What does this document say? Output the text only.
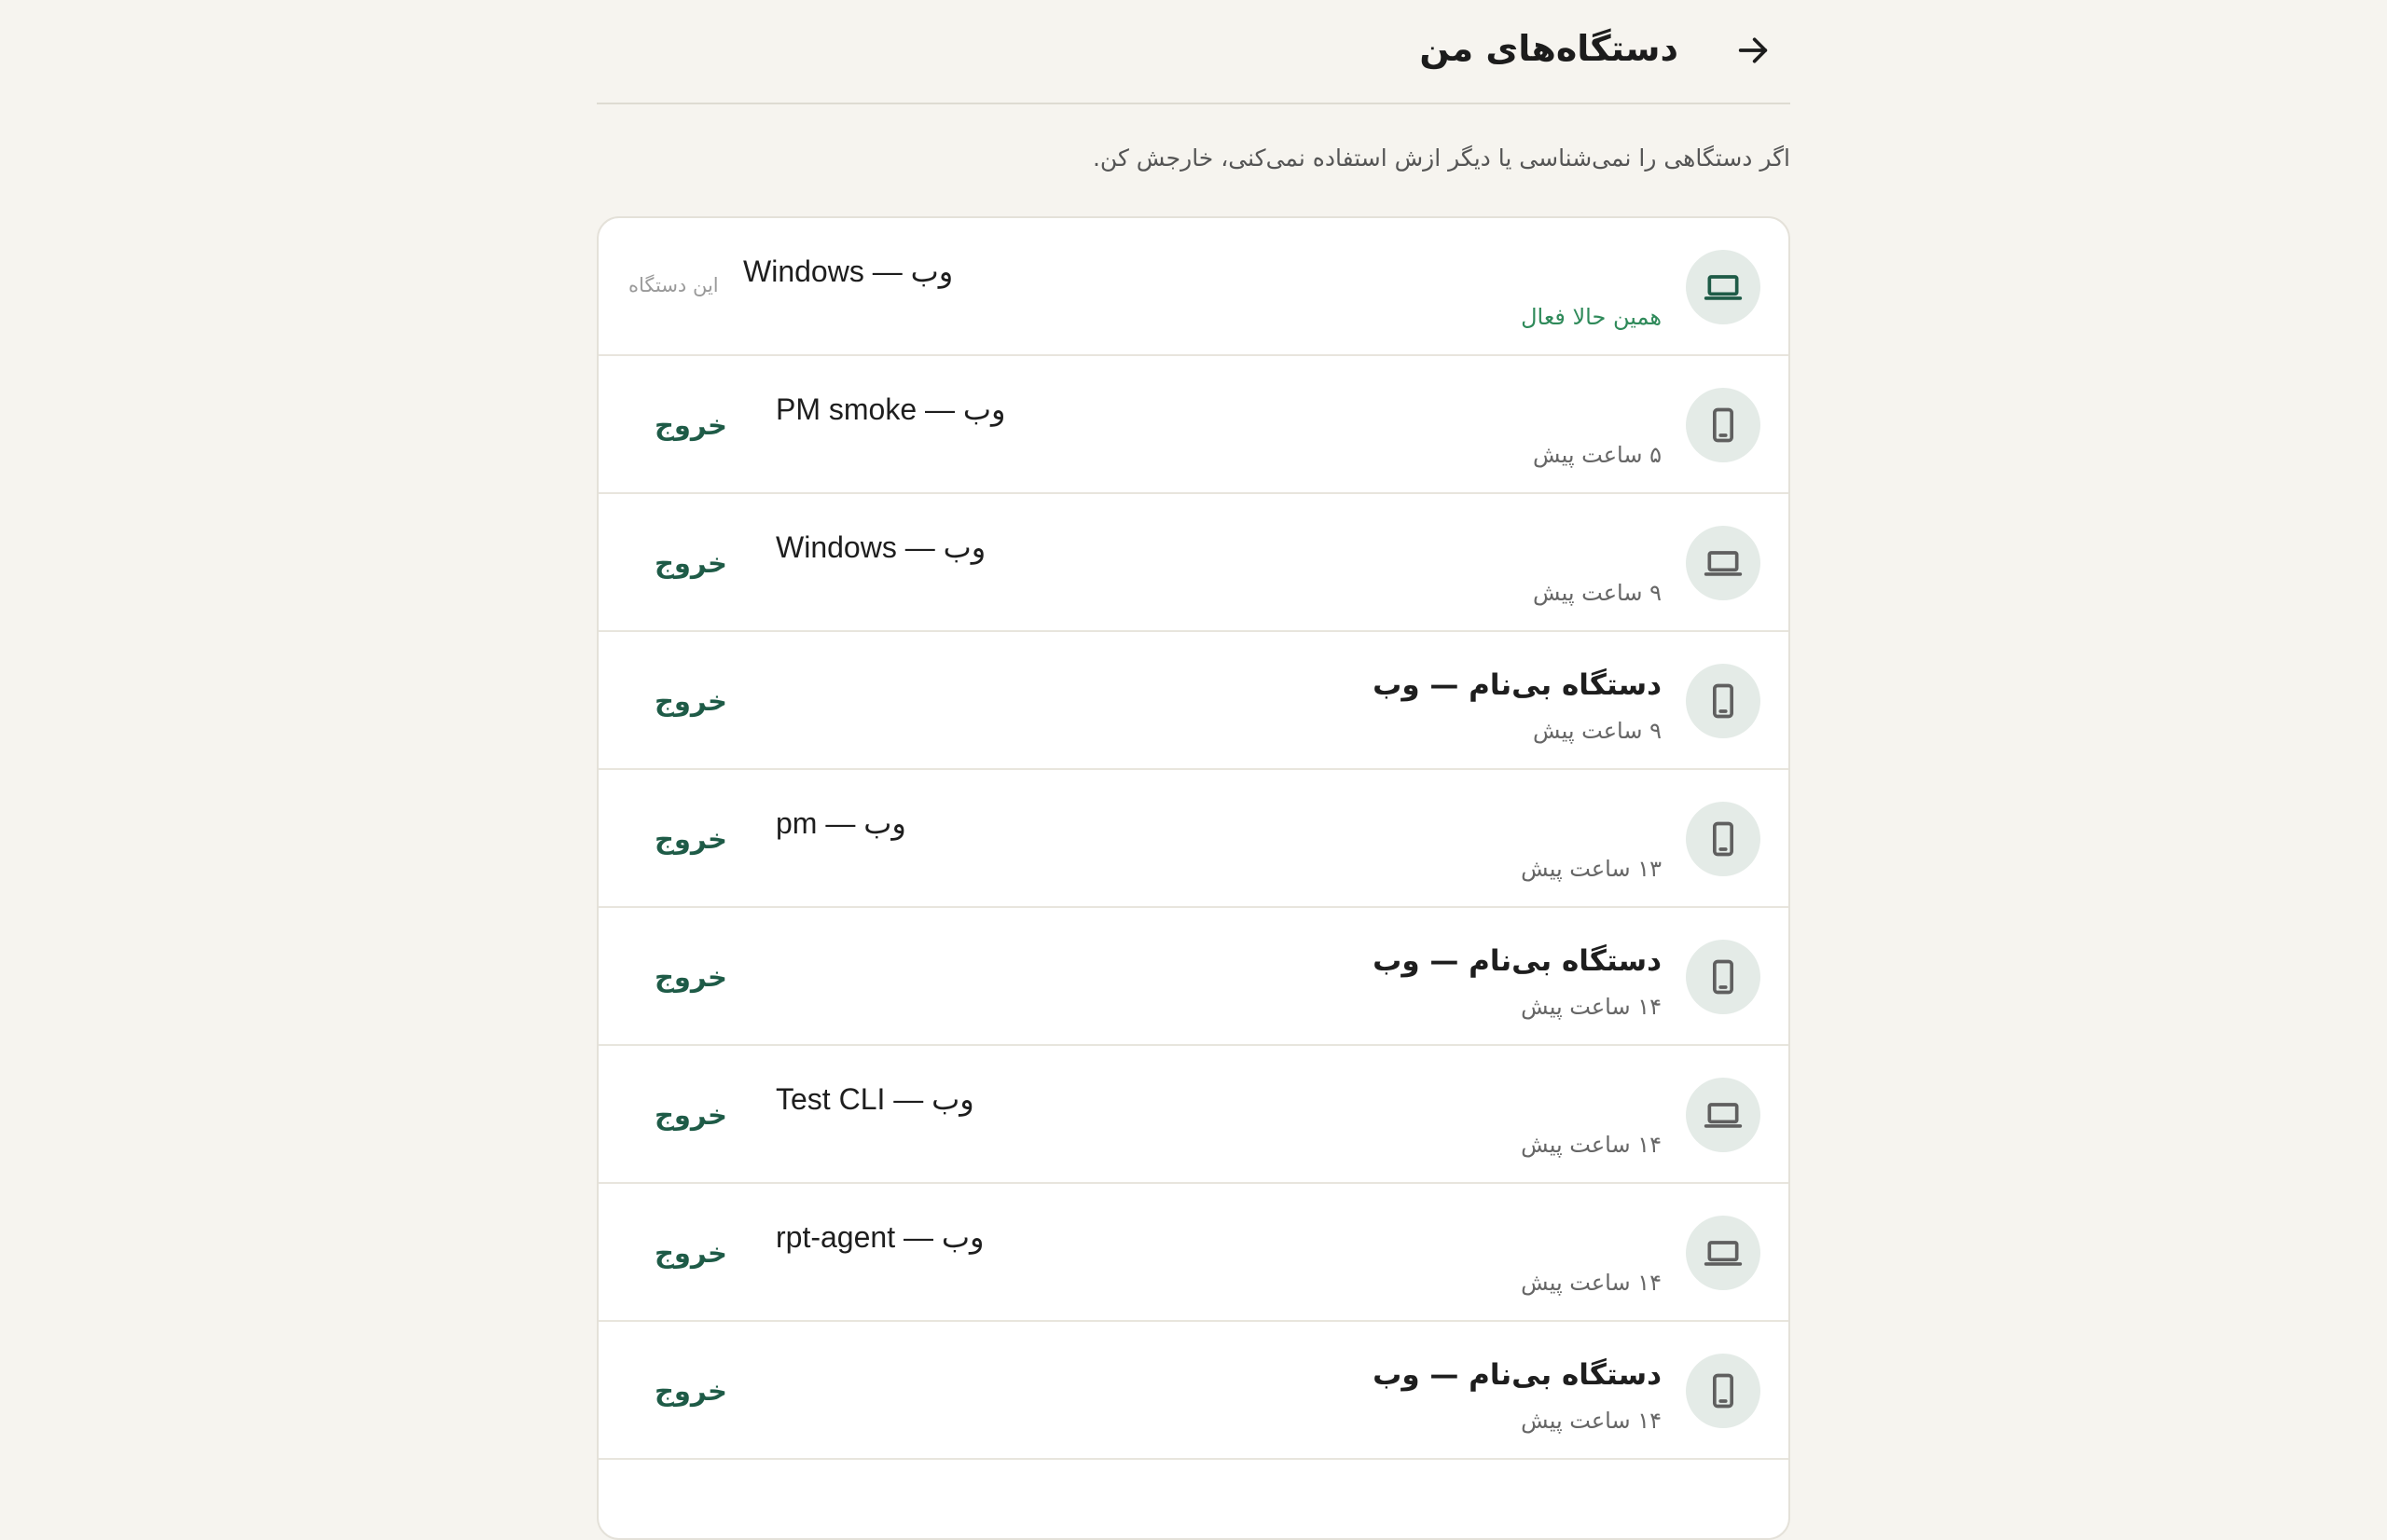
دستگاه‌های من
اگر دستگاهی را نمی‌شناسی یا دیگر ازش استفاده نمی‌کنی، خارجش کن.
Windows — وب
همین حالا فعال
این دستگاه
PM smoke — وب
۵ ساعت پیش
خروج
Windows — وب
۹ ساعت پیش
خروج
دستگاه بی‌نام — وب
۹ ساعت پیش
خروج
pm — وب
۱۳ ساعت پیش
خروج
دستگاه بی‌نام — وب
۱۴ ساعت پیش
خروج
Test CLI — وب
۱۴ ساعت پیش
خروج
rpt-agent — وب
۱۴ ساعت پیش
خروج
دستگاه بی‌نام — وب
۱۴ ساعت پیش
خروج
